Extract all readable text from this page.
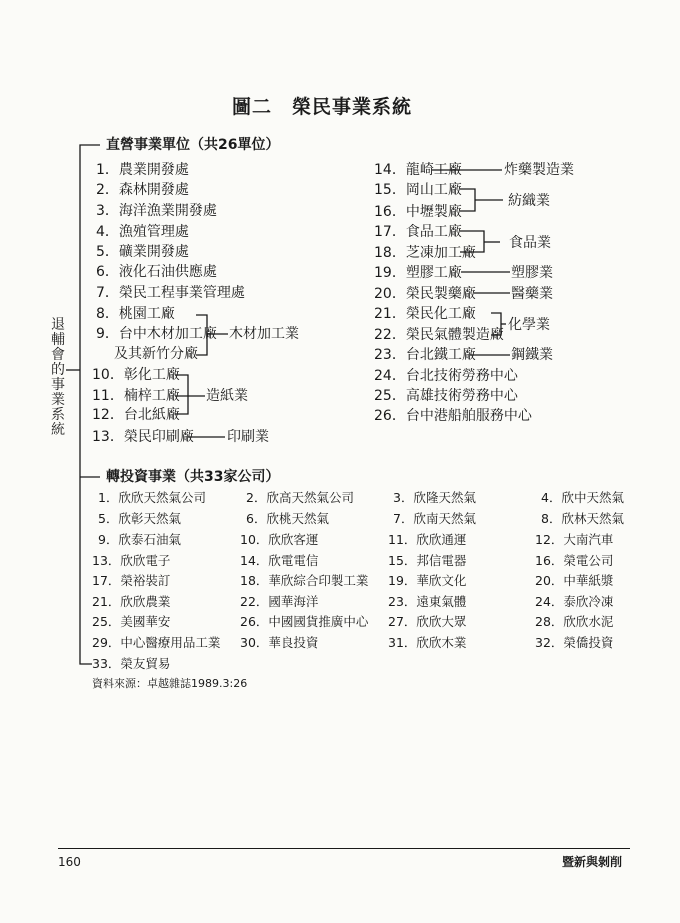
圖二　榮民事業系統
退輔會的事業系統
直營事業單位（共26單位）
1．農業開發處
2．森林開發處
3．海洋漁業開發處
4．漁殖管理處
5．礦業開發處
6．液化石油供應處
7．榮民工程事業管理處
8．桃園工廠
9．台中木材加工廠
及其新竹分廠
10．彰化工廠
11．楠梓工廠
12．台北紙廠
13．榮民印刷廠
木材加工業
造紙業
印刷業
14．龍崎工廠
15．岡山工廠
16．中壢製廠
17．食品工廠
18．芝凍加工廠
19．塑膠工廠
20．榮民製藥廠
21．榮民化工廠
22．榮民氣體製造廠
23．台北鐵工廠
24．台北技術勞務中心
25．高雄技術勞務中心
26．台中港船舶服務中心
炸藥製造業
紡織業
食品業
塑膠業
醫藥業
化學業
鋼鐵業
轉投資事業（共33家公司）
1．欣欣天然氣公司	2．欣高天然氣公司	3．欣隆天然氣	4．欣中天然氣
5．欣彰天然氣	6．欣桃天然氣	7．欣南天然氣	8．欣林天然氣
9．欣泰石油氣	10．欣欣客運	11．欣欣通運	12．大南汽車
13．欣欣電子	14．欣電電信	15．邦信電器	16．榮電公司
17．榮裕裝訂	18．華欣綜合印製工業 19．華欣文化	20．中華紙漿
21．欣欣農業	22．國華海洋	23．遠東氣體	24．泰欣冷凍
25．美國華安	26．中國國貨推廣中心 27．欣欣大眾	28．欣欣水泥
29．中心醫療用品工業 30．華良投資	31．欣欣木業	32．榮僑投資
33．榮友貿易
資料來源：卓越雜誌1989.3:26
160	暨新與剝削
